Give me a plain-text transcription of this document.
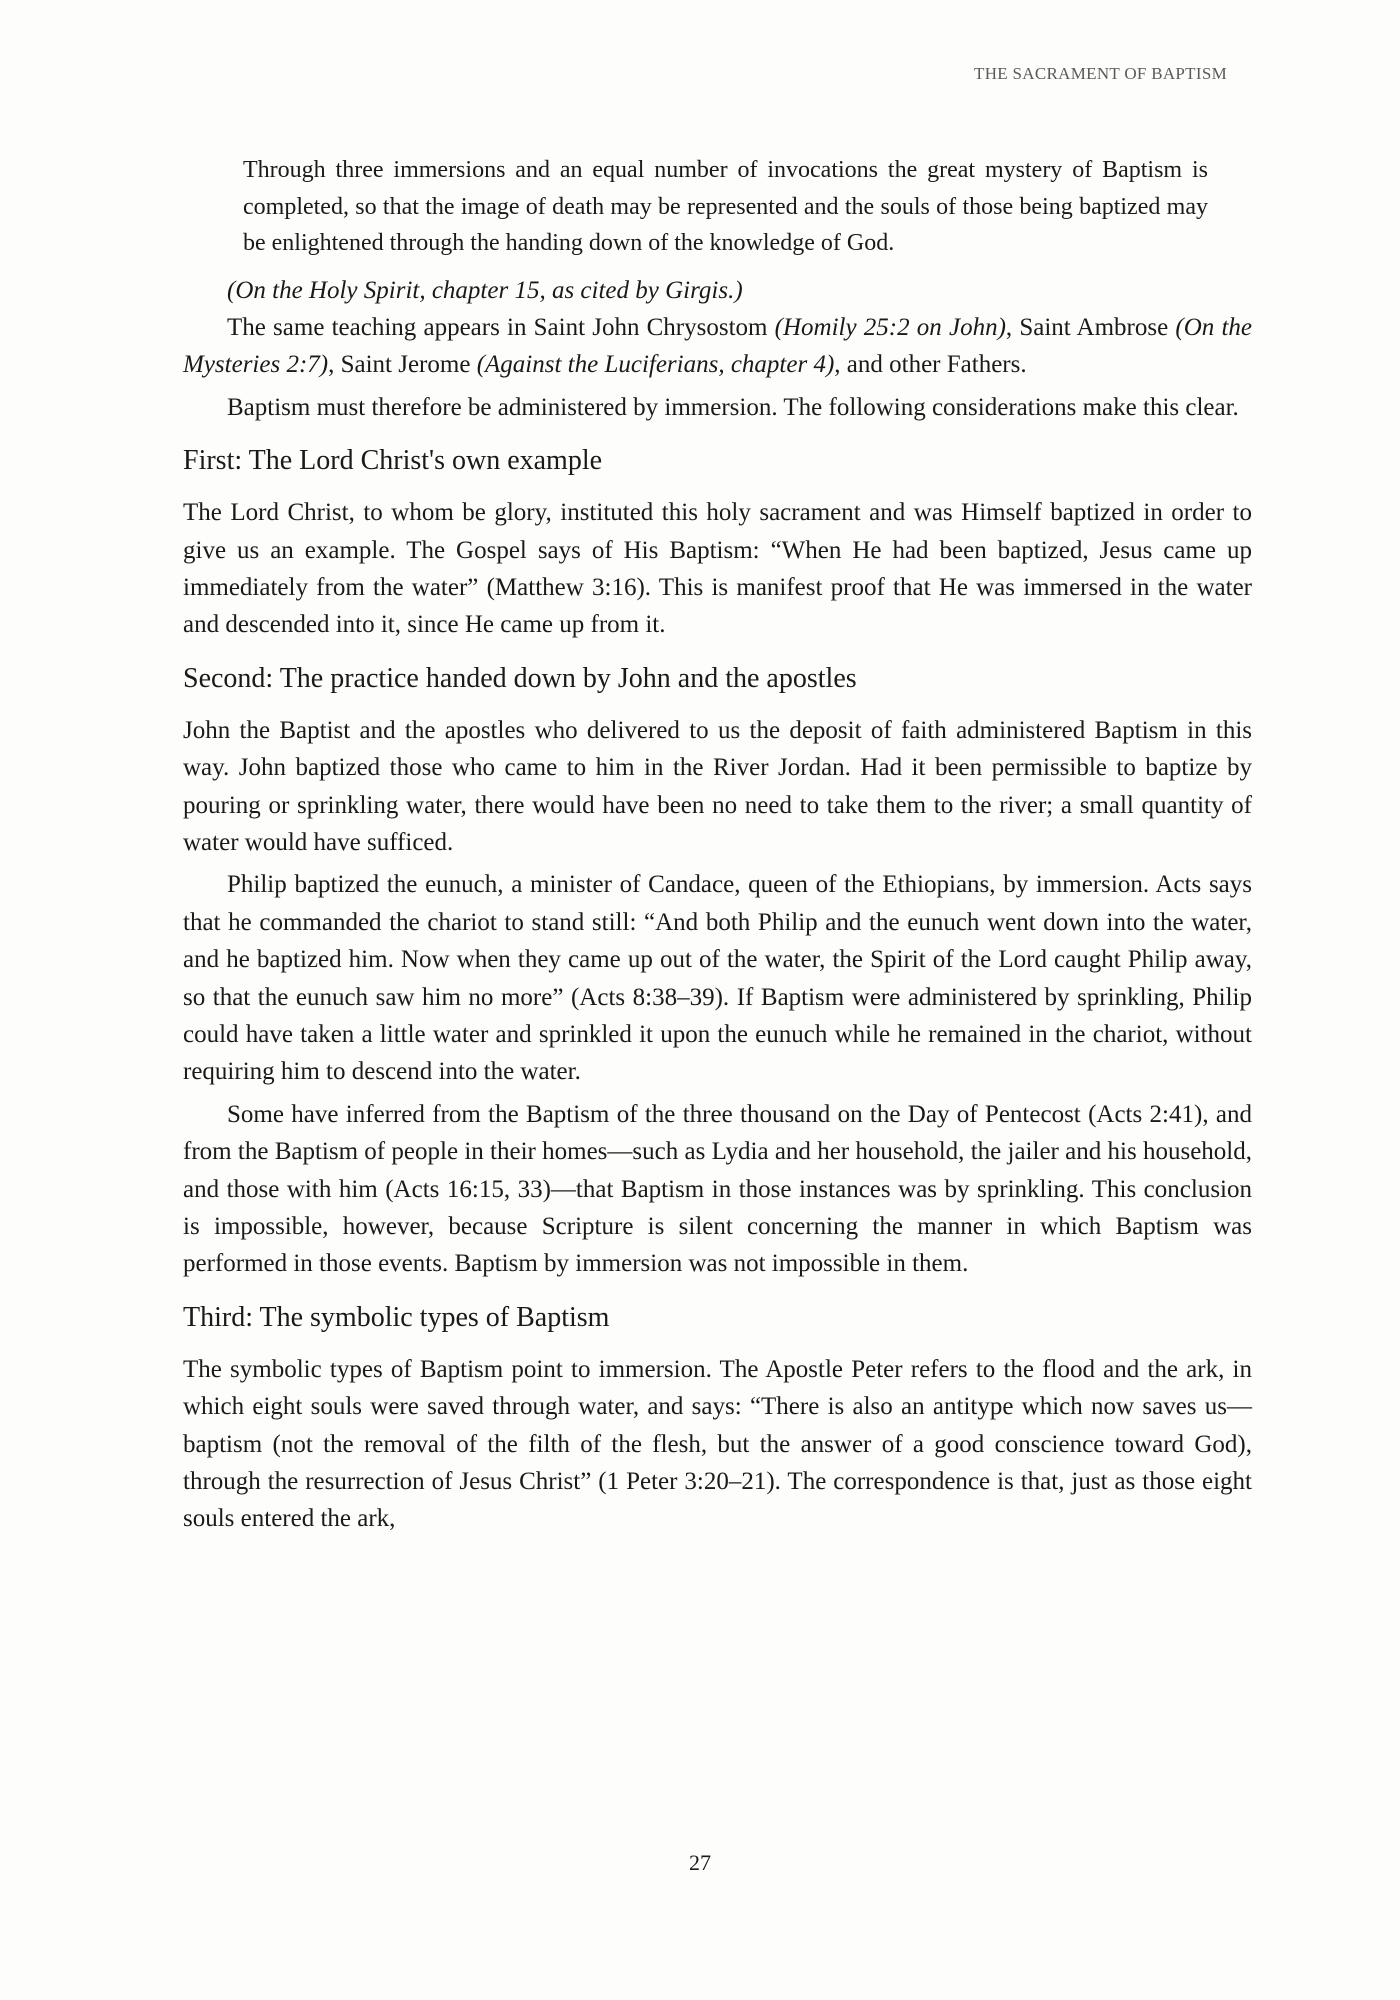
THE SACRAMENT OF BAPTISM

Through three immersions and an equal number of invocations the great mystery of Baptism is completed, so that the image of death may be represented and the souls of those being baptized may be enlightened through the handing down of the knowledge of God.

(On the Holy Spirit, chapter 15, as cited by Girgis.)

The same teaching appears in Saint John Chrysostom (Homily 25:2 on John), Saint Ambrose (On the Mysteries 2:7), Saint Jerome (Against the Luciferians, chapter 4), and other Fathers.

Baptism must therefore be administered by immersion. The following considerations make this clear.

First: The Lord Christ's own example

The Lord Christ, to whom be glory, instituted this holy sacrament and was Himself baptized in order to give us an example. The Gospel says of His Baptism: “When He had been baptized, Jesus came up immediately from the water” (Matthew 3:16). This is manifest proof that He was immersed in the water and descended into it, since He came up from it.

Second: The practice handed down by John and the apostles

John the Baptist and the apostles who delivered to us the deposit of faith administered Baptism in this way. John baptized those who came to him in the River Jordan. Had it been permissible to baptize by pouring or sprinkling water, there would have been no need to take them to the river; a small quantity of water would have sufficed.

Philip baptized the eunuch, a minister of Candace, queen of the Ethiopians, by immersion. Acts says that he commanded the chariot to stand still: “And both Philip and the eunuch went down into the water, and he baptized him. Now when they came up out of the water, the Spirit of the Lord caught Philip away, so that the eunuch saw him no more” (Acts 8:38–39). If Baptism were administered by sprinkling, Philip could have taken a little water and sprinkled it upon the eunuch while he remained in the chariot, without requiring him to descend into the water.

Some have inferred from the Baptism of the three thousand on the Day of Pentecost (Acts 2:41), and from the Baptism of people in their homes—such as Lydia and her household, the jailer and his household, and those with him (Acts 16:15, 33)—that Baptism in those instances was by sprinkling. This conclusion is impossible, however, because Scripture is silent concerning the manner in which Baptism was performed in those events. Baptism by immersion was not impossible in them.

Third: The symbolic types of Baptism

The symbolic types of Baptism point to immersion. The Apostle Peter refers to the flood and the ark, in which eight souls were saved through water, and says: “There is also an antitype which now saves us—baptism (not the removal of the filth of the flesh, but the answer of a good conscience toward God), through the resurrection of Jesus Christ” (1 Peter 3:20–21). The correspondence is that, just as those eight souls entered the ark,

27
